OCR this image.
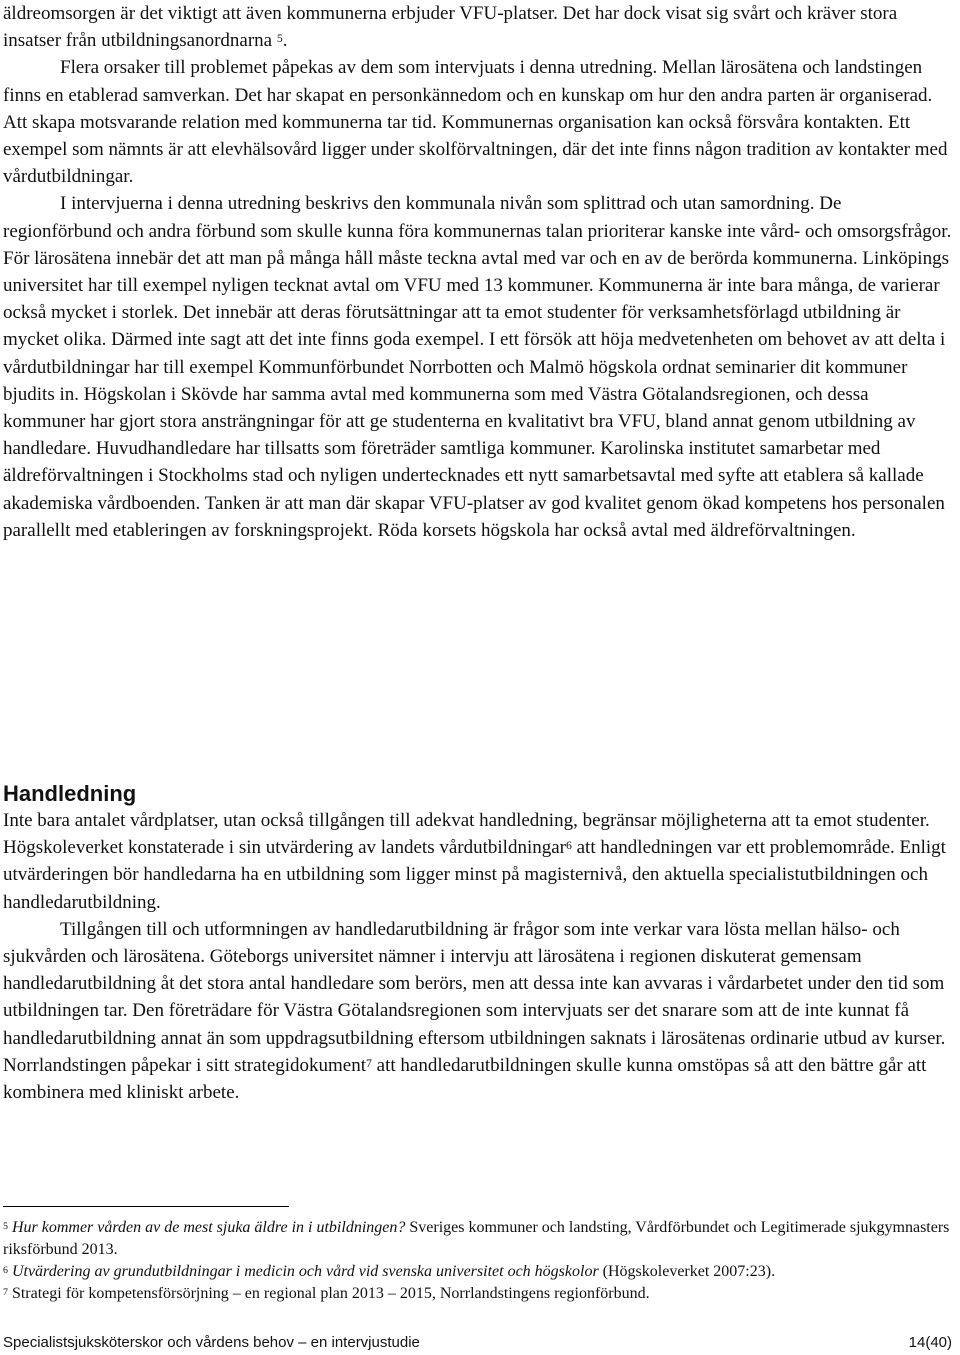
äldreomsorgen är det viktigt att även kommunerna erbjuder VFU-platser. Det har dock visat sig svårt och kräver stora insatser från utbildningsanordnarna $^5$.

Flera orsaker till problemet påpekas av dem som intervjuats i denna utredning. Mellan lärosätena och landstingen finns en etablerad samverkan. Det har skapat en personkännedom och en kunskap om hur den andra parten är organiserad. Att skapa motsvarande relation med kommunerna tar tid. Kommunernas organisation kan också försvåra kontakten. Ett exempel som nämnts är att elevhälsovård ligger under skolförvaltningen, där det inte finns någon tradition av kontakter med vårdutbildningar.

I intervjuerna i denna utredning beskrivs den kommunala nivån som splittrad och utan samordning. De regionförbund och andra förbund som skulle kunna föra kommunernas talan prioriterar kanske inte vård- och omsorgsfrågor. För lärosätena innebär det att man på många håll måste teckna avtal med var och en av de berörda kommunerna. Linköpings universitet har till exempel nyligen tecknat avtal om VFU med 13 kommuner. Kommunerna är inte bara många, de varierar också mycket i storlek. Det innebär att deras förutsättningar att ta emot studenter för verksamhetsförlagd utbildning är mycket olika. Därmed inte sagt att det inte finns goda exempel. I ett försök att höja medvetenheten om behovet av att delta i vårdutbildningar har till exempel Kommunförbundet Norrbotten och Malmö högskola ordnat seminarier dit kommuner bjudits in. Högskolan i Skövde har samma avtal med kommunerna som med Västra Götalandsregionen, och dessa kommuner har gjort stora ansträngningar för att ge studenterna en kvalitativt bra VFU, bland annat genom utbildning av handledare. Huvudhandledare har tillsatts som företräder samtliga kommuner. Karolinska institutet samarbetar med äldreförvaltningen i Stockholms stad och nyligen undertecknades ett nytt samarbetsavtal med syfte att etablera så kallade akademiska vårdboenden. Tanken är att man där skapar VFU-platser av god kvalitet genom ökad kompetens hos personalen parallellt med etableringen av forskningsprojekt. Röda korsets högskola har också avtal med äldreförvaltningen.

Handledning

Inte bara antalet vårdplatser, utan också tillgången till adekvat handledning, begränsar möjligheterna att ta emot studenter. Högskoleverket konstaterade i sin utvärdering av landets vårdutbildningar$^6$ att handledningen var ett problemområde. Enligt utvärderingen bör handledarna ha en utbildning som ligger minst på magisternivå, den aktuella specialistutbildningen och handledarutbildning.

Tillgången till och utformningen av handledarutbildning är frågor som inte verkar vara lösta mellan hälso- och sjukvården och lärosätena. Göteborgs universitet nämner i intervju att lärosätena i regionen diskuterat gemensam handledarutbildning åt det stora antal handledare som berörs, men att dessa inte kan avvaras i vårdarbetet under den tid som utbildningen tar. Den företrädare för Västra Götalandsregionen som intervjuats ser det snarare som att de inte kunnat få handledarutbildning annat än som uppdragsutbildning eftersom utbildningen saknats i lärosätenas ordinarie utbud av kurser. Norrlandstingen påpekar i sitt strategidokument$^7$ att handledarutbildningen skulle kunna omstöpas så att den bättre går att kombinera med kliniskt arbete.

$^5$ Hur kommer vården av de mest sjuka äldre in i utbildningen? Sveriges kommuner och landsting, Vårdförbundet och Legitimerade sjukgymnasters riksförbund 2013.

$^6$ Utvärdering av grundutbildningar i medicin och vård vid svenska universitet och högskolor (Högskoleverket 2007:23).

$^7$ Strategi för kompetensförsörjning – en regional plan 2013 – 2015, Norrlandstingens regionförbund.

Specialistsjuksköterskor och vårdens behov – en intervjustudie	14(40)
